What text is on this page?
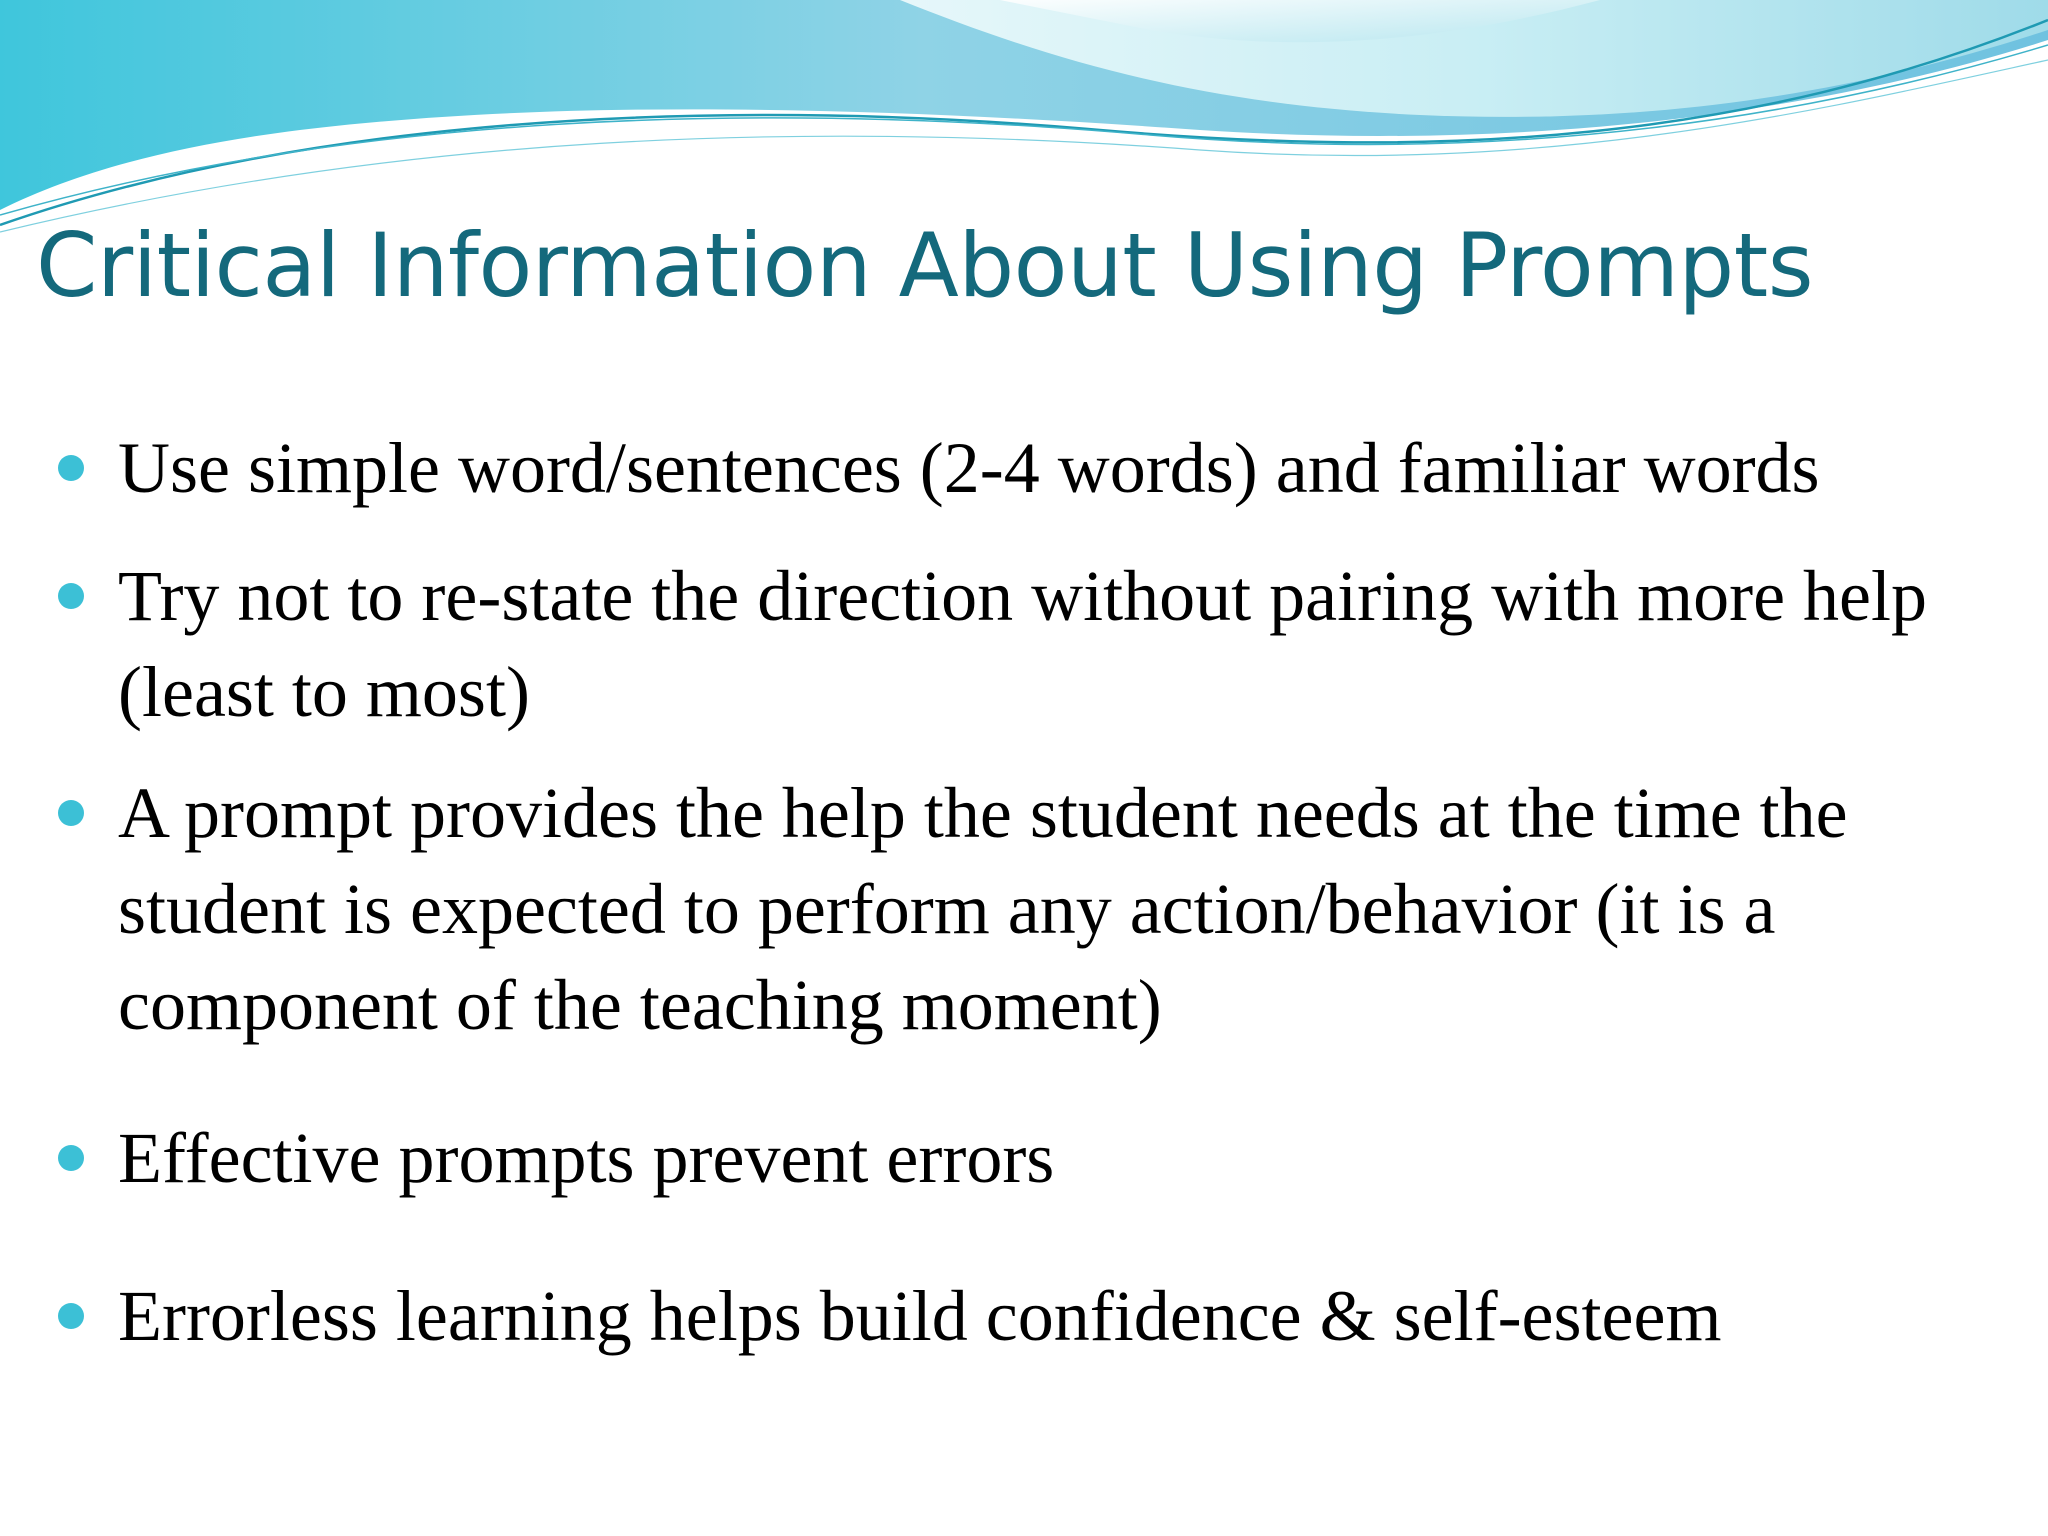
Critical Information About Using Prompts

Use simple word/sentences (2-4 words) and familiar words

Try not to re-state the direction without pairing with more help (least to most)

A prompt provides the help the student needs at the time the student is expected to perform any action/behavior (it is a component of the teaching moment)

Effective prompts prevent errors

Errorless learning helps build confidence & self-esteem
